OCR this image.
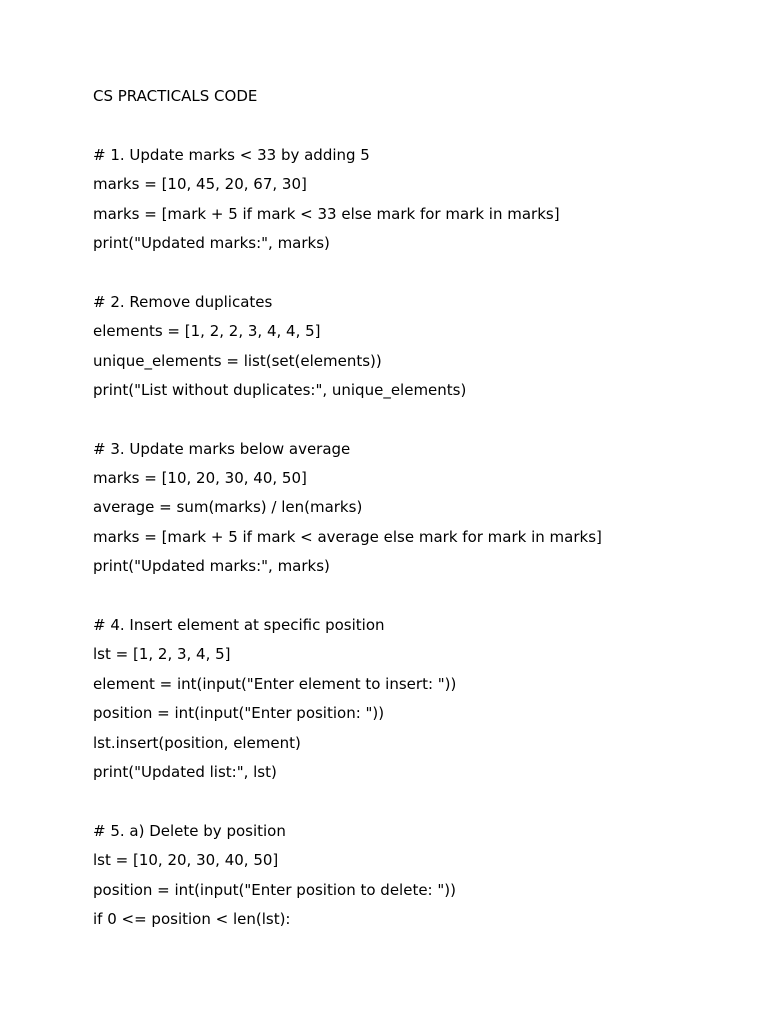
CS PRACTICALS CODE
# 1. Update marks < 33 by adding 5
marks = [10, 45, 20, 67, 30]
marks = [mark + 5 if mark < 33 else mark for mark in marks]
print("Updated marks:", marks)
# 2. Remove duplicates
elements = [1, 2, 2, 3, 4, 4, 5]
unique_elements = list(set(elements))
print("List without duplicates:", unique_elements)
# 3. Update marks below average
marks = [10, 20, 30, 40, 50]
average = sum(marks) / len(marks)
marks = [mark + 5 if mark < average else mark for mark in marks]
print("Updated marks:", marks)
# 4. Insert element at specific position
lst = [1, 2, 3, 4, 5]
element = int(input("Enter element to insert: "))
position = int(input("Enter position: "))
lst.insert(position, element)
print("Updated list:", lst)
# 5. a) Delete by position
lst = [10, 20, 30, 40, 50]
position = int(input("Enter position to delete: "))
if 0 <= position < len(lst):
